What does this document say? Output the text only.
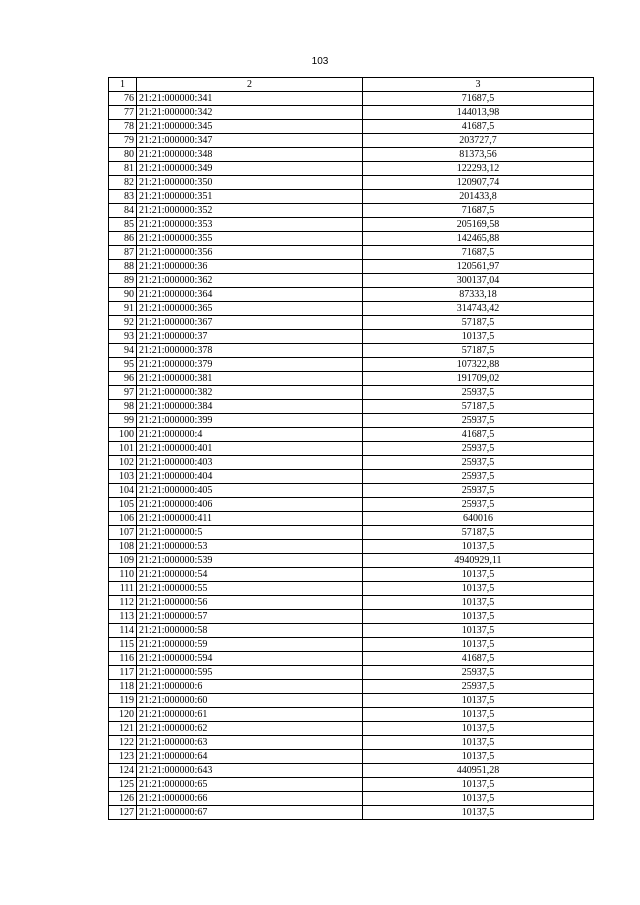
103
1	2	3
76	21:21:000000:341	71687,5
77	21:21:000000:342	144013,98
78	21:21:000000:345	41687,5
79	21:21:000000:347	203727,7
80	21:21:000000:348	81373,56
81	21:21:000000:349	122293,12
82	21:21:000000:350	120907,74
83	21:21:000000:351	201433,8
84	21:21:000000:352	71687,5
85	21:21:000000:353	205169,58
86	21:21:000000:355	142465,88
87	21:21:000000:356	71687,5
88	21:21:000000:36	120561,97
89	21:21:000000:362	300137,04
90	21:21:000000:364	87333,18
91	21:21:000000:365	314743,42
92	21:21:000000:367	57187,5
93	21:21:000000:37	10137,5
94	21:21:000000:378	57187,5
95	21:21:000000:379	107322,88
96	21:21:000000:381	191709,02
97	21:21:000000:382	25937,5
98	21:21:000000:384	57187,5
99	21:21:000000:399	25937,5
100	21:21:000000:4	41687,5
101	21:21:000000:401	25937,5
102	21:21:000000:403	25937,5
103	21:21:000000:404	25937,5
104	21:21:000000:405	25937,5
105	21:21:000000:406	25937,5
106	21:21:000000:411	640016
107	21:21:000000:5	57187,5
108	21:21:000000:53	10137,5
109	21:21:000000:539	4940929,11
110	21:21:000000:54	10137,5
111	21:21:000000:55	10137,5
112	21:21:000000:56	10137,5
113	21:21:000000:57	10137,5
114	21:21:000000:58	10137,5
115	21:21:000000:59	10137,5
116	21:21:000000:594	41687,5
117	21:21:000000:595	25937,5
118	21:21:000000:6	25937,5
119	21:21:000000:60	10137,5
120	21:21:000000:61	10137,5
121	21:21:000000:62	10137,5
122	21:21:000000:63	10137,5
123	21:21:000000:64	10137,5
124	21:21:000000:643	440951,28
125	21:21:000000:65	10137,5
126	21:21:000000:66	10137,5
127	21:21:000000:67	10137,5
